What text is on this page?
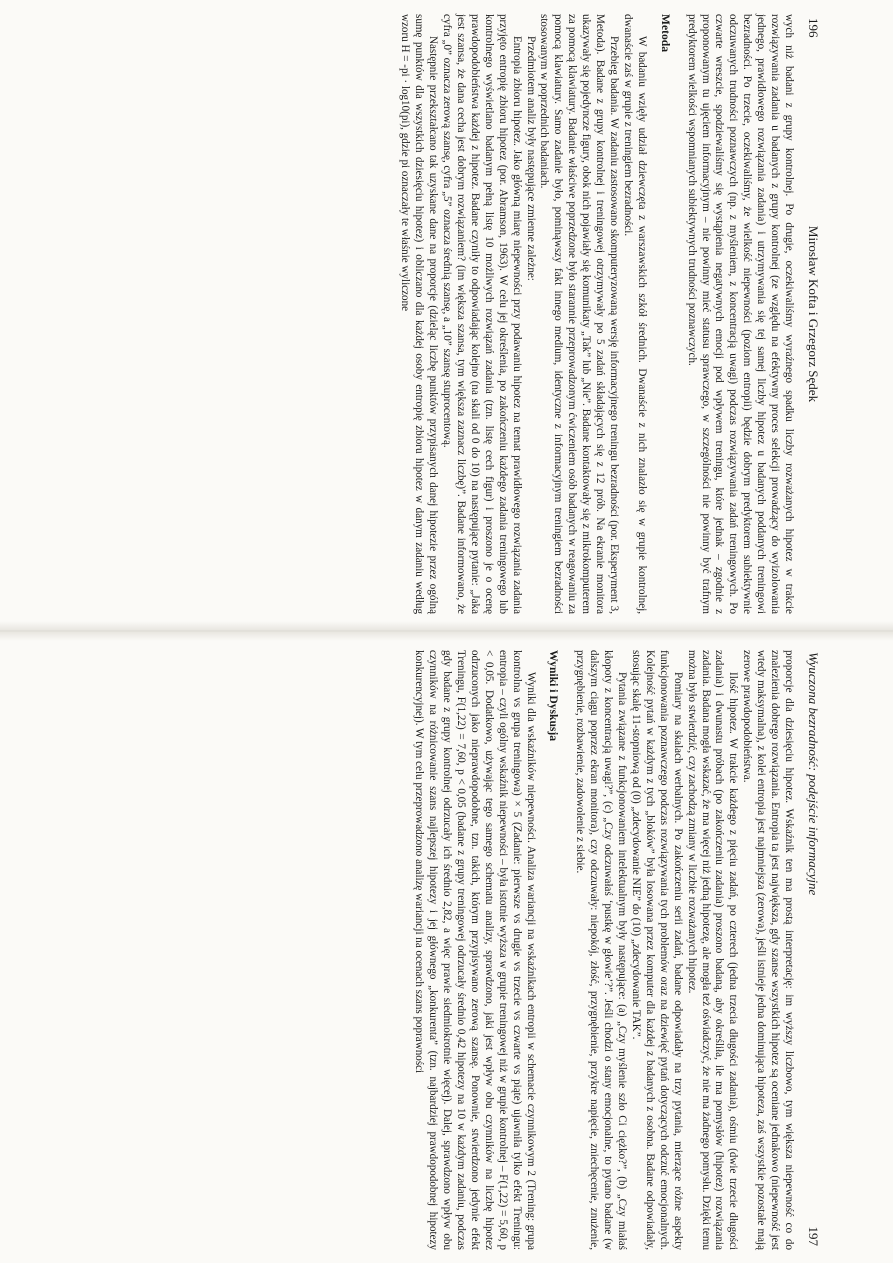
196
Mirosław Kofta i Grzegorz Sędek

wych niż badani z grupy kontrolnej. Po drugie, oczekiwaliśmy wyraźnego spadku liczby rozważanych hipotez w trakcie rozwiązywania zadania u badanych z grupy kontrolnej (ze względu na efektywny proces selekcji prowadzący do wyizolowania jednego, prawidłowego rozwiązania zadania) i utrzymywania się tej samej liczby hipotez u badanych poddanych treningowi bezradności. Po trzecie, oczekiwaliśmy, że wielkość niepewności (poziom entropii) będzie dobrym predyktorem subiektywnie odczuwanych trudności poznawczych (np. z myśleniem, z koncentracją uwagi) podczas rozwiązywania zadań treningowych. Po czwarte wreszcie, spodziewaliśmy się wystąpienia negatywnych emocji pod wpływem treningu, które jednak – zgodnie z proponowanym tu ujęciem informacyjnym – nie powinny mieć statusu sprawczego, w szczególności nie powinny być trafnym predyktorem wielkości wspomnianych subiektywnych trudności poznawczych.

Metoda

W badaniu wzięły udział dziewczęta z warszawskich szkół średnich. Dwanaście z nich znalazło się w grupie kontrolnej, dwanaście zaś w grupie z treningiem bezradności.

Przebieg badania. W zadaniu zastosowano skomputeryzowaną wersję informacyjnego treningu bezradności (por. Eksperyment 3, Metoda). Badane z grupy kontrolnej i treningowej otrzymywały po 5 zadań składających się z 12 prób. Na ekranie monitora ukazywały się pojedyncze figury, obok nich pojawiały się komunikaty „Tak” lub „Nie”. Badane kontaktowały się z mikrokomputerem za pomocą klawiatury. Badanie właściwe poprzedzone było starannie przeprowadzonym ćwiczeniem osób badanych w reagowaniu za pomocą klawiatury. Samo zadanie było, pominąwszy fakt innego medium, identyczne z informacyjnym treningiem bezradności stosowanym w poprzednich badaniach.

Przedmiotem analiz były następujące zmienne zależne:

Entropia zbioru hipotez. Jako główną miarę niepewności przy podawaniu hipotez na temat prawidłowego rozwiązania zadania przyjęto entropię zbioru hipotez (por. Abramson, 1963). W celu jej określenia, po zakończeniu każdego zadania treningowego lub kontrolnego wyświetlano badanym pełną listę 10 możliwych rozwiązań zadania (tzn. listę cech figur) i proszono je o ocenę prawdopodobieństwa każdej z hipotez. Badane czyniły to odpowiadając kolejno (na skali od 0 do 10) na następujące pytanie: „Jaka jest szansa, że dana cecha jest dobrym rozwiązaniem? (im większa szansa, tym większa zaznacz liczbę)”. Badane informowano, że cyfra „0” oznacza zerową szansę, cyfra „5” oznacza średnią szansę, a „10” szansę stuprocentową.

Następnie przekształcano tak uzyskane dane na proporcje (dzieląc liczbę punktów przypisanych danej hipotezie przez ogólną sumę punktów dla wszystkich dziesięciu hipotez) i obliczano dla każdej osoby entropię zbioru hipotez w danym zadaniu według wzoru H = -pi · log10(pi), gdzie pi oznaczały te właśnie wyliczone

Wyuczona bezradność: podejście informacyjne
197

proporcje dla dziesięciu hipotez. Wskaźnik ten ma prostą interpretację: im wyższy liczbowo, tym większa niepewność co do znalezienia dobrego rozwiązania. Entropia ta jest największa, gdy szanse wszystkich hipotez są oceniane jednakowo (niepewność jest wtedy maksymalna), z kolei entropia jest najmniejsza (zerowa), jeśli istnieje jedna dominująca hipoteza, zaś wszystkie pozostałe mają zerowe prawdopodobieństwa.

Ilość hipotez. W trakcie każdego z pięciu zadań, po czterech (jedna trzecia długości zadania), ośmiu (dwie trzecie długości zadania) i dwunastu próbach (po zakończeniu zadania) proszono badaną, aby określiła, ile ma pomysłów (hipotez) rozwiązania zadania. Badana mogła wskazać, że ma więcej niż jedną hipotezę, ale mogła też oświadczyć, że nie ma żadnego pomysłu. Dzięki temu można było stwierdzić, czy zachodzą zmiany w liczbie rozważanych hipotez.

Pomiary na skalach werbalnych. Po zakończeniu serii zadań, badane odpowiadały na trzy pytania, mierzące różne aspekty funkcjonowania poznawczego podczas rozwiązywania tych problemów oraz na dziewięć pytań dotyczących odczuć emocjonalnych. Kolejność pytań w każdym z tych „bloków” była losowana przez komputer dla każdej z badanych z osobna. Badane odpowiadały, stosując skalę 11-stopniową od (0) „zdecydowanie NIE” do (10) „zdecydowanie TAK”.

Pytania związane z funkcjonowaniem intelektualnym były następujące: (a) „Czy myślenie szło Ci ciężko?”, (b) „Czy miałaś kłopoty z koncentracją uwagi?”, (c) „Czy odczuwałaś ‘pustkę w głowie’?”. Jeśli chodzi o stany emocjonalne, to pytano badane (w dalszym ciągu poprzez ekran monitora), czy odczuwały: niepokój, złość, przygnębienie, przykre napięcie, zniechęcenie, znużenie, przygnębienie, rozbawienie, zadowolenie z siebie.

Wyniki i Dyskusja

Wyniki dla wskaźników niepewności. Analiza wariancji na wskaźnikach entropii w schemacie czynnikowym 2 (Trening: grupa kontrolna vs grupa treningowa) × 5 (Zadanie: pierwsze vs drugie vs trzecie vs czwarte vs piąte) ujawniła tylko efekt Treningu: entropia – czyli ogólny wskaźnik niepewności – była istotnie wyższa w grupie treningowej niż w grupie kontrolnej – F(1,22) = 5,60, p < 0,05. Dodatkowo, używając tego samego schematu analizy, sprawdzono, jaki jest wpływ obu czynników na liczbę hipotez odrzuconych jako nieprawdopodobne, tzn. takich, którym przypisywano zerową szansę. Ponownie, stwierdzono jedynie efekt Treningu, F(1,22) = 7,60, p < 0,05 (badane z grupy treningowej odrzucały średnio 0,42 hipotezy na 10 w każdym zadaniu, podczas gdy badane z grupy kontrolnej odrzucały ich średnio 2,82, a więc prawie siedmiokrotnie więcej). Dalej, sprawdzono wpływ obu czynników na różnicowanie szans najlepszej hipotezy i jej głównego „konkurenta” (tzn. najbardziej prawdopodobnej hipotezy konkurencyjnej). W tym celu przeprowadzono analizę wariancji na ocenach szans poprawności
